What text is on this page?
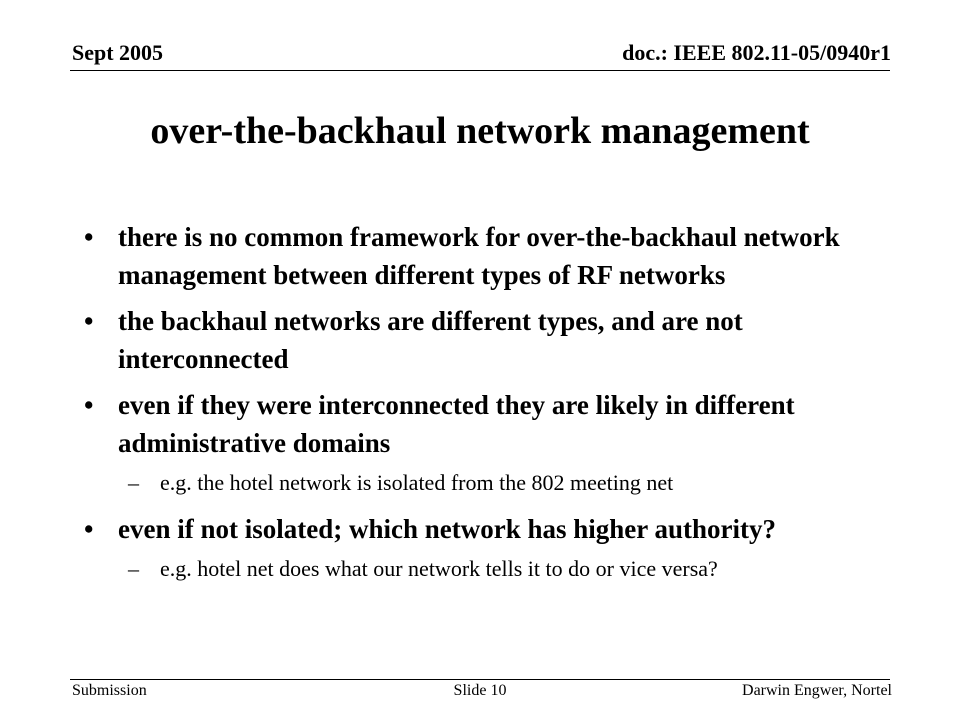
Sept 2005	doc.: IEEE 802.11-05/0940r1
over-the-backhaul network management
• there is no common framework for over-the-backhaul network management between different types of RF networks
• the backhaul networks are different types, and are not interconnected
• even if they were interconnected they are likely in different administrative domains
– e.g. the hotel network is isolated from the 802 meeting net
• even if not isolated; which network has higher authority?
– e.g. hotel net does what our network tells it to do or vice versa?
Submission	Slide 10	Darwin Engwer, Nortel
